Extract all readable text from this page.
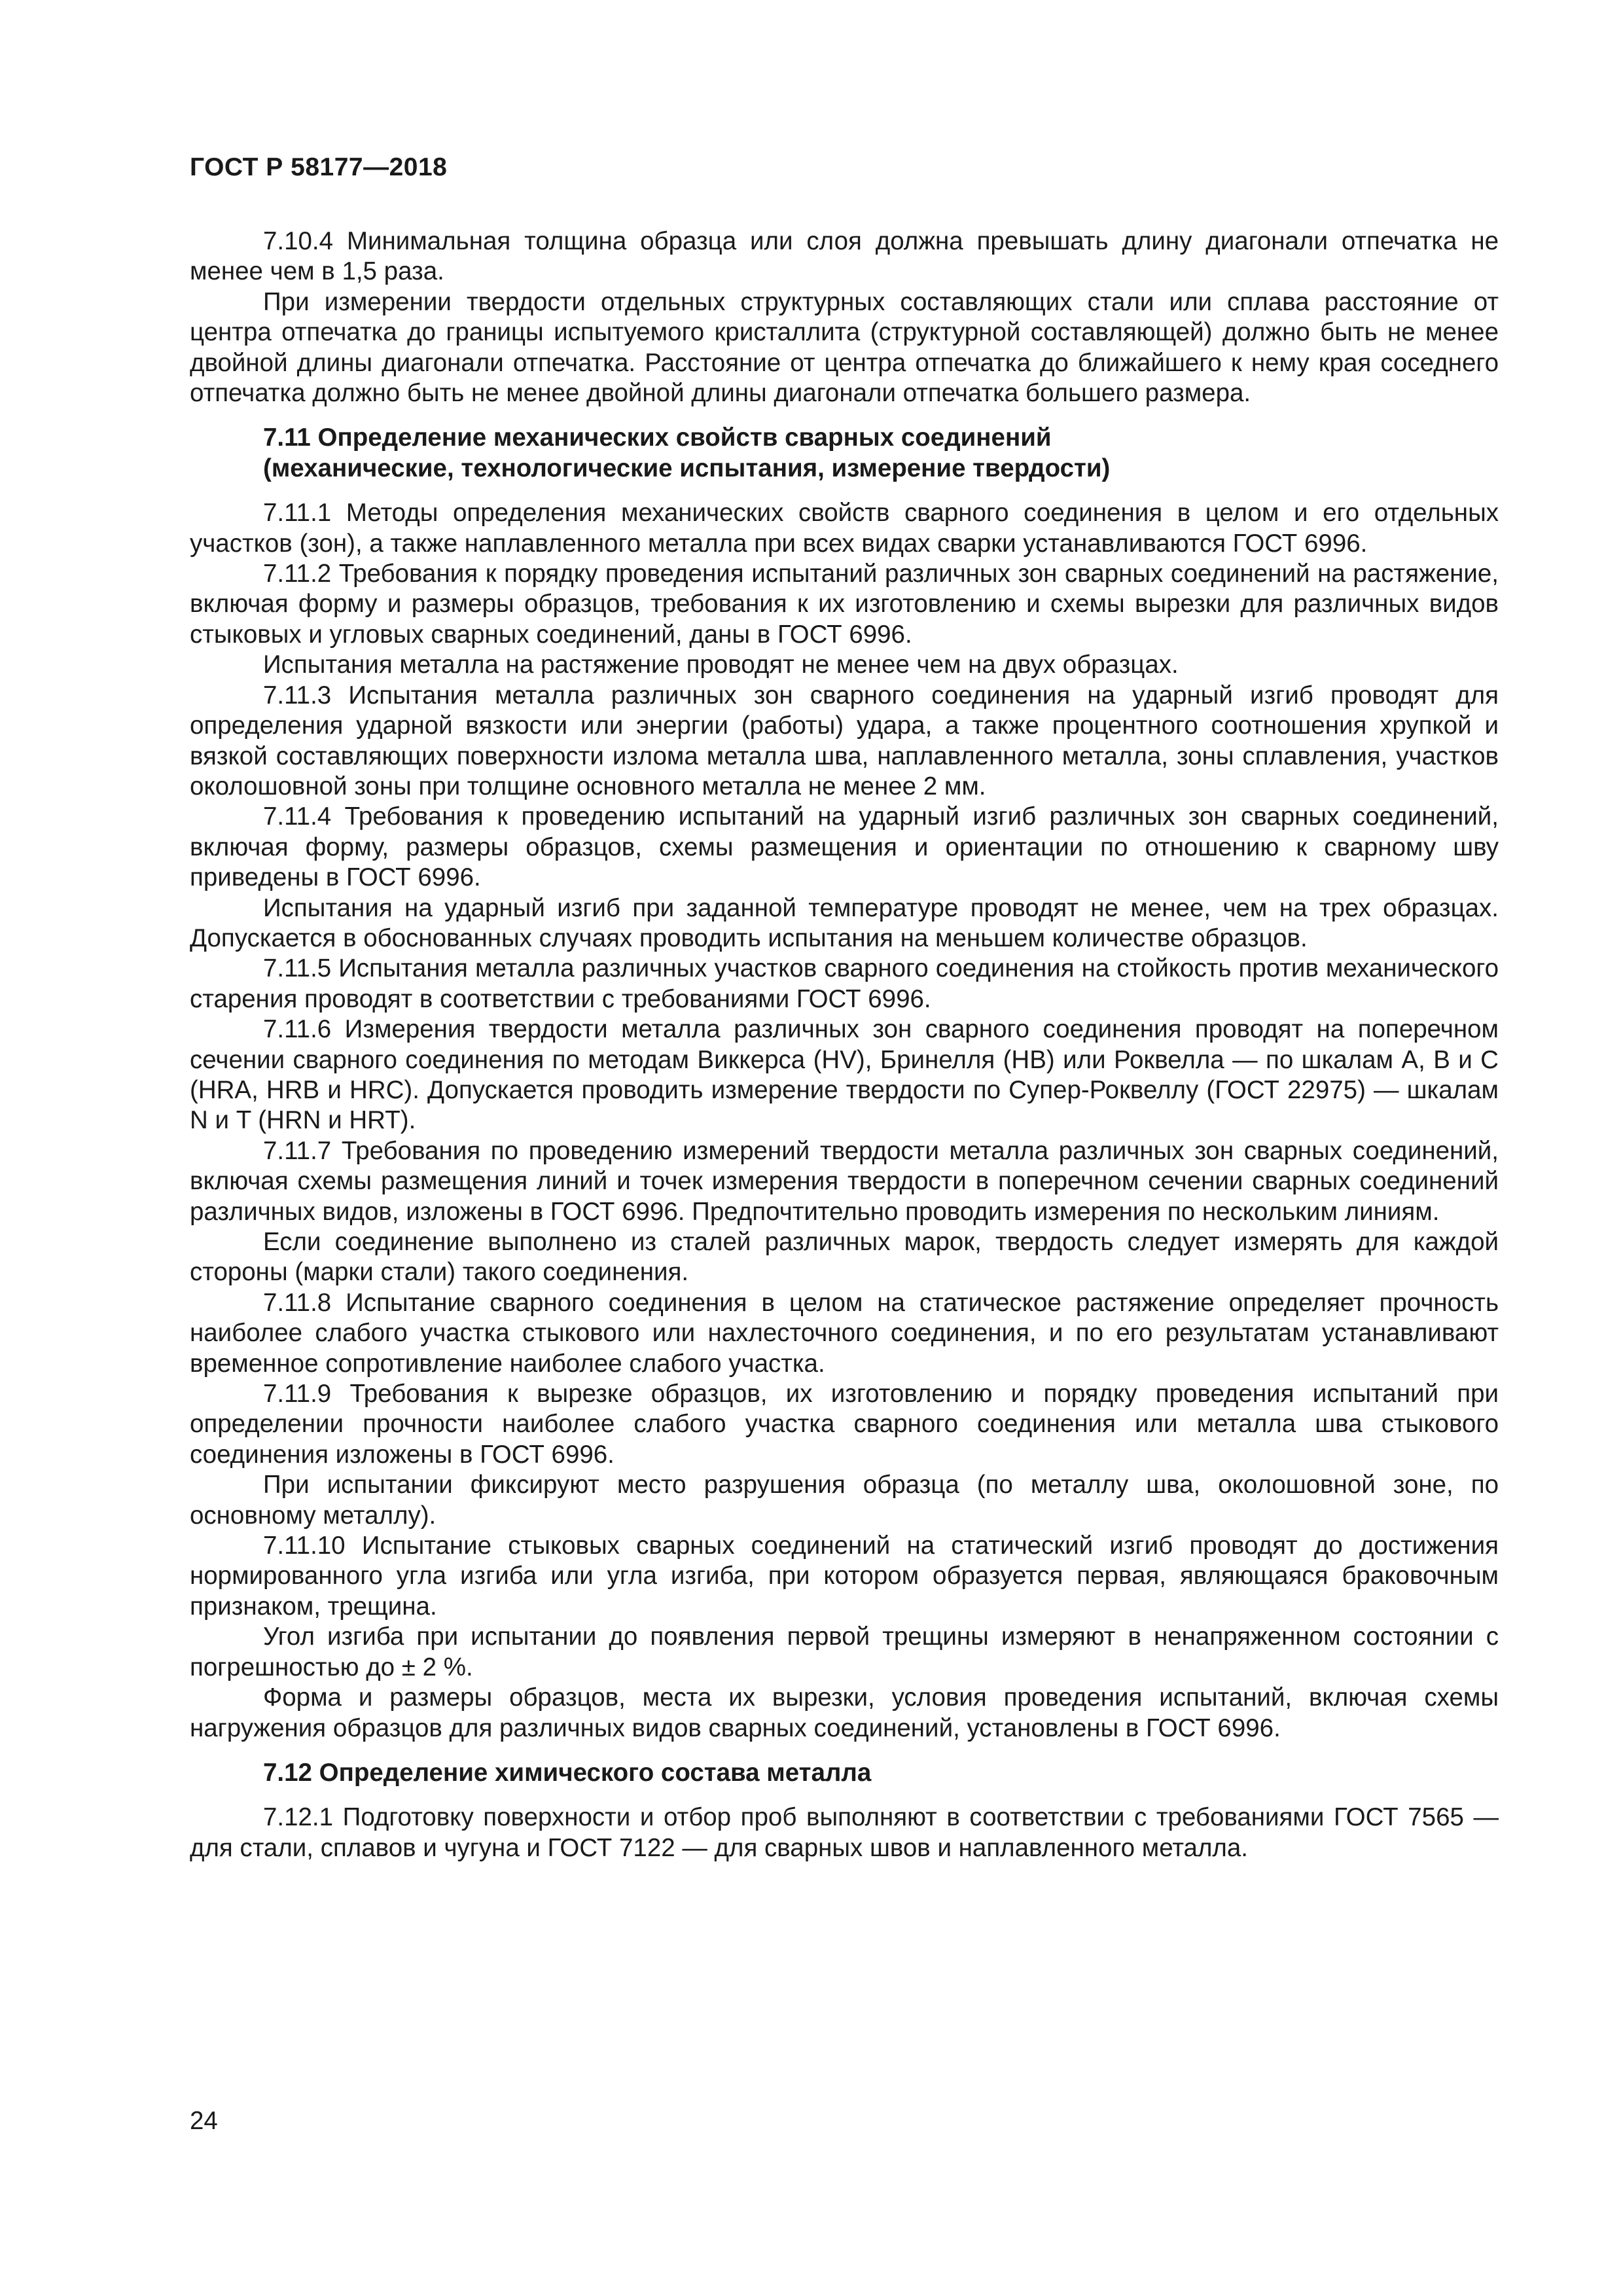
ГОСТ Р 58177—2018

7.10.4 Минимальная толщина образца или слоя должна превышать длину диагонали отпечатка не менее чем в 1,5 раза.

При измерении твердости отдельных структурных составляющих стали или сплава расстояние от центра отпечатка до границы испытуемого кристаллита (структурной составляющей) должно быть не менее двойной длины диагонали отпечатка. Расстояние от центра отпечатка до ближайшего к нему края соседнего отпечатка должно быть не менее двойной длины диагонали отпечатка большего размера.

7.11 Определение механических свойств сварных соединений
(механические, технологические испытания, измерение твердости)

7.11.1 Методы определения механических свойств сварного соединения в целом и его отдельных участков (зон), а также наплавленного металла при всех видах сварки устанавливаются ГОСТ 6996.

7.11.2 Требования к порядку проведения испытаний различных зон сварных соединений на растяжение, включая форму и размеры образцов, требования к их изготовлению и схемы вырезки для различных видов стыковых и угловых сварных соединений, даны в ГОСТ 6996.

Испытания металла на растяжение проводят не менее чем на двух образцах.

7.11.3 Испытания металла различных зон сварного соединения на ударный изгиб проводят для определения ударной вязкости или энергии (работы) удара, а также процентного соотношения хрупкой и вязкой составляющих поверхности излома металла шва, наплавленного металла, зоны сплавления, участков околошовной зоны при толщине основного металла не менее 2 мм.

7.11.4 Требования к проведению испытаний на ударный изгиб различных зон сварных соединений, включая форму, размеры образцов, схемы размещения и ориентации по отношению к сварному шву приведены в ГОСТ 6996.

Испытания на ударный изгиб при заданной температуре проводят не менее, чем на трех образцах. Допускается в обоснованных случаях проводить испытания на меньшем количестве образцов.

7.11.5 Испытания металла различных участков сварного соединения на стойкость против механического старения проводят в соответствии с требованиями ГОСТ 6996.

7.11.6 Измерения твердости металла различных зон сварного соединения проводят на поперечном сечении сварного соединения по методам Виккерса (HV), Бринелля (HB) или Роквелла — по шкалам А, В и С (HRA, HRB и HRC). Допускается проводить измерение твердости по Супер-Роквеллу (ГОСТ 22975) — шкалам N и T (HRN и HRT).

7.11.7 Требования по проведению измерений твердости металла различных зон сварных соединений, включая схемы размещения линий и точек измерения твердости в поперечном сечении сварных соединений различных видов, изложены в ГОСТ 6996. Предпочтительно проводить измерения по нескольким линиям.

Если соединение выполнено из сталей различных марок, твердость следует измерять для каждой стороны (марки стали) такого соединения.

7.11.8 Испытание сварного соединения в целом на статическое растяжение определяет прочность наиболее слабого участка стыкового или нахлесточного соединения, и по его результатам устанавливают временное сопротивление наиболее слабого участка.

7.11.9 Требования к вырезке образцов, их изготовлению и порядку проведения испытаний при определении прочности наиболее слабого участка сварного соединения или металла шва стыкового соединения изложены в ГОСТ 6996.

При испытании фиксируют место разрушения образца (по металлу шва, околошовной зоне, по основному металлу).

7.11.10 Испытание стыковых сварных соединений на статический изгиб проводят до достижения нормированного угла изгиба или угла изгиба, при котором образуется первая, являющаяся браковочным признаком, трещина.

Угол изгиба при испытании до появления первой трещины измеряют в ненапряженном состоянии с погрешностью до ± 2 %.

Форма и размеры образцов, места их вырезки, условия проведения испытаний, включая схемы нагружения образцов для различных видов сварных соединений, установлены в ГОСТ 6996.

7.12 Определение химического состава металла

7.12.1 Подготовку поверхности и отбор проб выполняют в соответствии с требованиями ГОСТ 7565 — для стали, сплавов и чугуна и ГОСТ 7122 — для сварных швов и наплавленного металла.

24
